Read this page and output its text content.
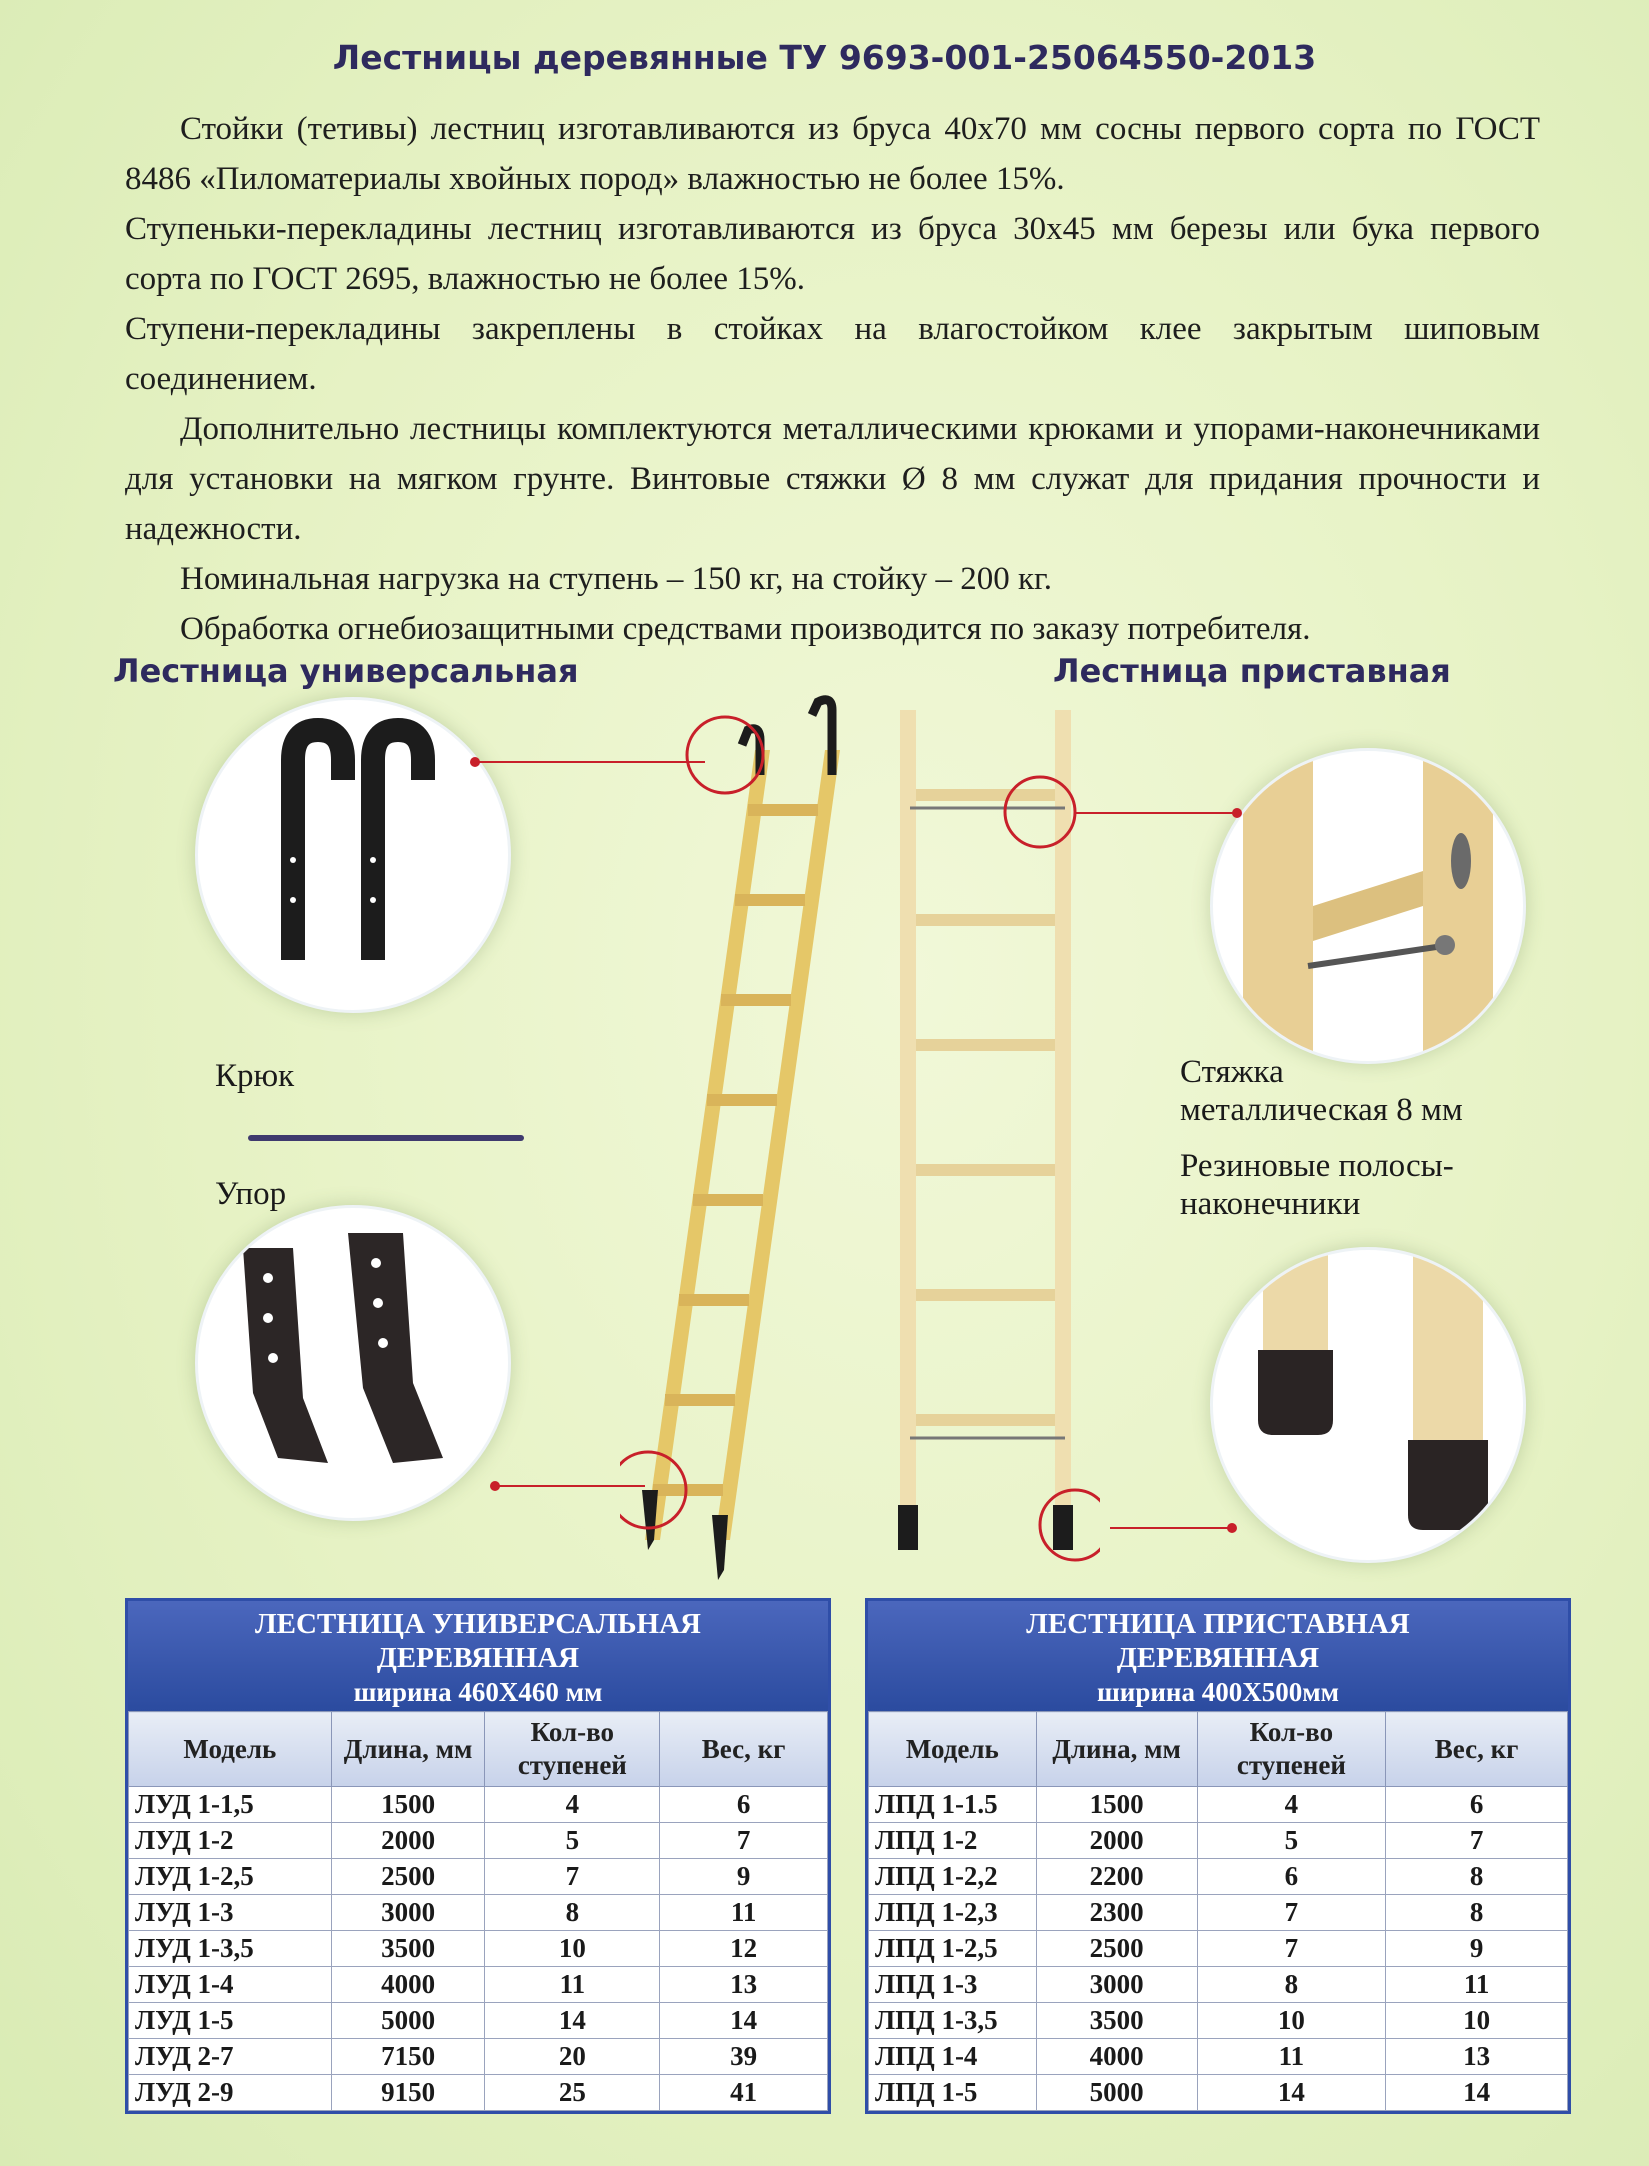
Лестницы деревянные ТУ 9693-001-25064550-2013

Стойки (тетивы) лестниц изготавливаются из бруса 40х70 мм сосны первого сорта по ГОСТ 8486 «Пиломатериалы хвойных пород» влажностью не более 15%.

Ступеньки-перекладины лестниц изготавливаются из бруса 30х45 мм березы или бука первого сорта по ГОСТ 2695, влажностью не более 15%.

Ступени-перекладины закреплены в стойках на влагостойком клее закрытым шиповым соединением.

Дополнительно лестницы комплектуются металлическими крюками и упорами-наконечниками для установки на мягком грунте. Винтовые стяжки Ø 8 мм служат для придания прочности и надежности.

Номинальная нагрузка на ступень – 150 кг, на стойку – 200 кг.

Обработка огнебиозащитными средствами производится по заказу потребителя.

Лестница универсальная	Лестница приставная
Крюк
Упор
Стяжка
металлическая 8 мм
Резиновые полосы-
наконечники
ЛЕСТНИЦА УНИВЕРСАЛЬНАЯ
ДЕРЕВЯННАЯ
ширина 460Х460 мм
Модель	Длина, мм	Кол-во ступеней	Вес, кг
ЛУД 1-1,5	1500	4	6
ЛУД 1-2	2000	5	7
ЛУД 1-2,5	2500	7	9
ЛУД 1-3	3000	8	11
ЛУД 1-3,5	3500	10	12
ЛУД 1-4	4000	11	13
ЛУД 1-5	5000	14	14
ЛУД 2-7	7150	20	39
ЛУД 2-9	9150	25	41
ЛЕСТНИЦА ПРИСТАВНАЯ
ДЕРЕВЯННАЯ
ширина 400Х500мм
Модель	Длина, мм	Кол-во ступеней	Вес, кг
ЛПД 1-1.5	1500	4	6
ЛПД 1-2	2000	5	7
ЛПД 1-2,2	2200	6	8
ЛПД 1-2,3	2300	7	8
ЛПД 1-2,5	2500	7	9
ЛПД 1-3	3000	8	11
ЛПД 1-3,5	3500	10	10
ЛПД 1-4	4000	11	13
ЛПД 1-5	5000	14	14
